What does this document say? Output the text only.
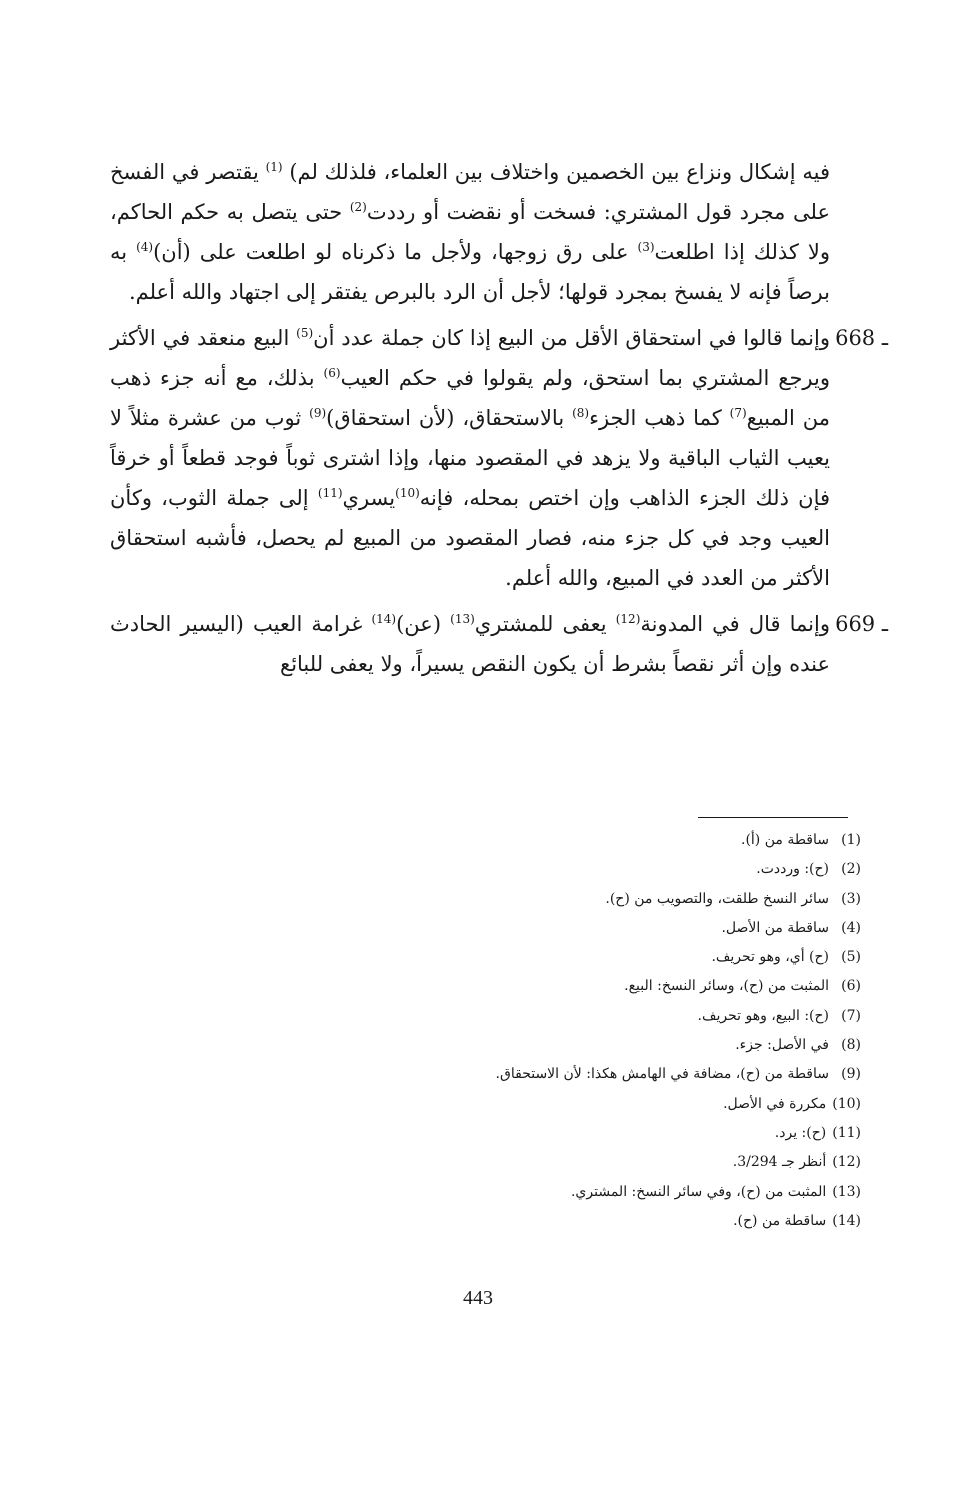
فيه إشكال ونزاع بين الخصمين واختلاف بين العلماء، فلذلك لم) $^{(1)}$ يقتصر في الفسخ على مجرد قول المشتري: فسخت أو نقضت أو رددت$^{(2)}$ حتى يتصل به حكم الحاكم، ولا كذلك إذا اطلعت$^{(3)}$ على رق زوجها، ولأجل ما ذكرناه لو اطلعت على (أن)$^{(4)}$ به برصاً فإنه لا يفسخ بمجرد قولها؛ لأجل أن الرد بالبرص يفتقر إلى اجتهاد والله أعلم.

668 ـ
وإنما قالوا في استحقاق الأقل من البيع إذا كان جملة عدد أن$^{(5)}$ البيع منعقد في الأكثر ويرجع المشتري بما استحق، ولم يقولوا في حكم العيب$^{(6)}$ بذلك، مع أنه جزء ذهب من المبيع$^{(7)}$ كما ذهب الجزء$^{(8)}$ بالاستحقاق، (لأن استحقاق)$^{(9)}$ ثوب من عشرة مثلاً لا يعيب الثياب الباقية ولا يزهد في المقصود منها، وإذا اشترى ثوباً فوجد قطعاً أو خرقاً فإن ذلك الجزء الذاهب وإن اختص بمحله، فإنه$^{(10)}$يسري$^{(11)}$ إلى جملة الثوب، وكأن العيب وجد في كل جزء منه، فصار المقصود من المبيع لم يحصل، فأشبه استحقاق الأكثر من العدد في المبيع، والله أعلم.

669 ـ
وإنما قال في المدونة$^{(12)}$ يعفى للمشتري$^{(13)}$ (عن)$^{(14)}$ غرامة العيب (اليسير الحادث عنده وإن أثر نقصاً بشرط أن يكون النقص يسيراً، ولا يعفى للبائع

(1)ساقطة من (أ).
(2)(ح): ورددت.
(3)سائر النسخ طلقت، والتصويب من (ح).
(4)ساقطة من الأصل.
(5)(ح) أي، وهو تحريف.
(6)المثبت من (ح)، وسائر النسخ: البيع.
(7)(ح): البيع، وهو تحريف.
(8)في الأصل: جزء.
(9)ساقطة من (ح)، مضافة في الهامش هكذا: لأن الاستحقاق.
(10)مكررة في الأصل.
(11)(ح): يرد.
(12)أنظر جـ 3/294.
(13)المثبت من (ح)، وفي سائر النسخ: المشتري.
(14)ساقطة من (ح).
443
